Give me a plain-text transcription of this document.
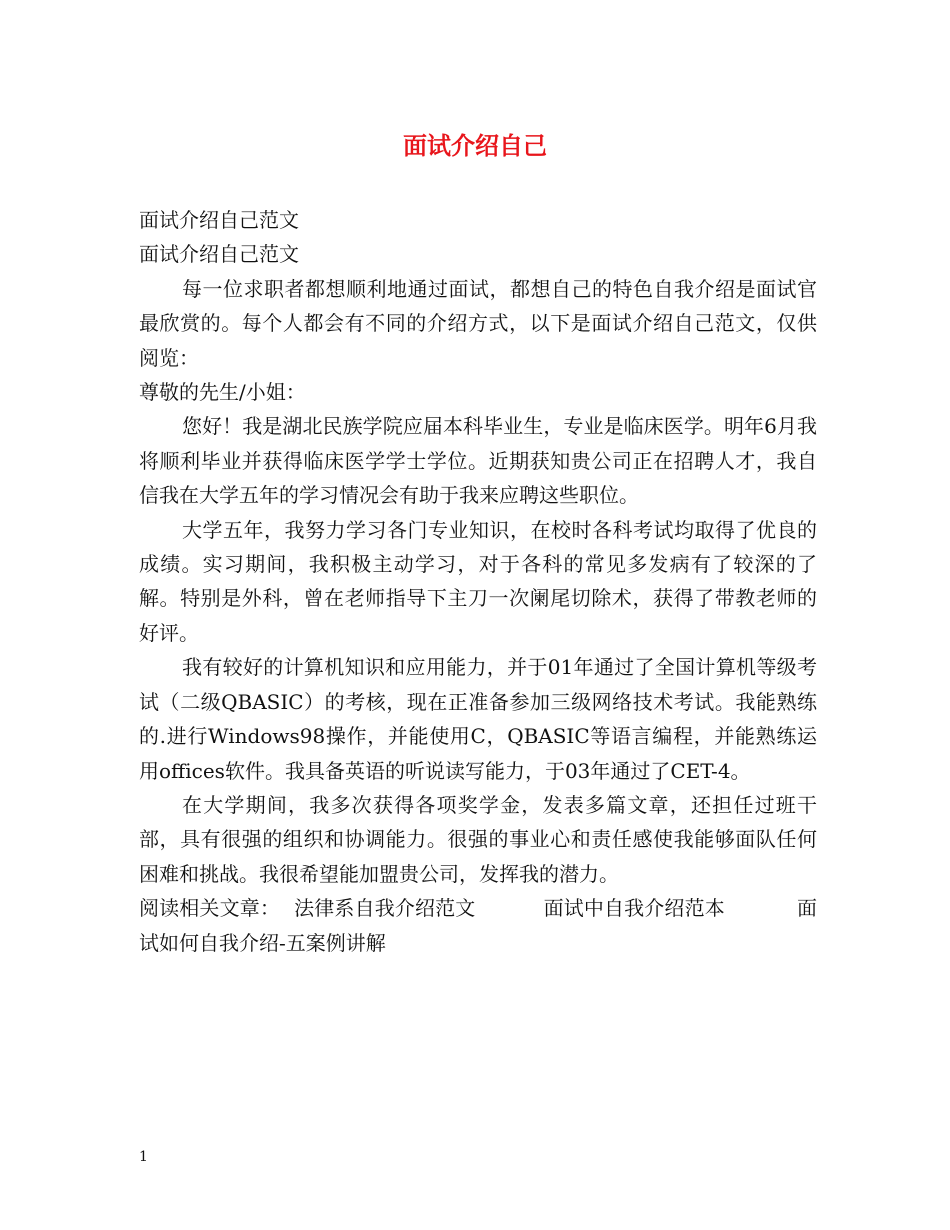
面试介绍自己

面试介绍自己范文

面试介绍自己范文

每一位求职者都想顺利地通过面试，都想自己的特色自我介绍是面试官最欣赏的。每个人都会有不同的介绍方式，以下是面试介绍自己范文，仅供阅览：

尊敬的先生/小姐：

您好！我是湖北民族学院应届本科毕业生，专业是临床医学。明年6月我将顺利毕业并获得临床医学学士学位。近期获知贵公司正在招聘人才，我自信我在大学五年的学习情况会有助于我来应聘这些职位。

大学五年，我努力学习各门专业知识，在校时各科考试均取得了优良的成绩。实习期间，我积极主动学习，对于各科的常见多发病有了较深的了解。特别是外科，曾在老师指导下主刀一次阑尾切除术，获得了带教老师的好评。

我有较好的计算机知识和应用能力，并于01年通过了全国计算机等级考试（二级QBASIC）的考核，现在正准备参加三级网络技术考试。我能熟练的.进行Windows98操作，并能使用C，QBASIC等语言编程，并能熟练运用offices软件。我具备英语的听说读写能力，于03年通过了CET-4。

在大学期间，我多次获得各项奖学金，发表多篇文章，还担任过班干部，具有很强的组织和协调能力。很强的事业心和责任感使我能够面队任何困难和挑战。我很希望能加盟贵公司，发挥我的潜力。

阅读相关文章： 法律系自我介绍范文	面试中自我介绍范本	面试如何自我介绍-五案例讲解

1
